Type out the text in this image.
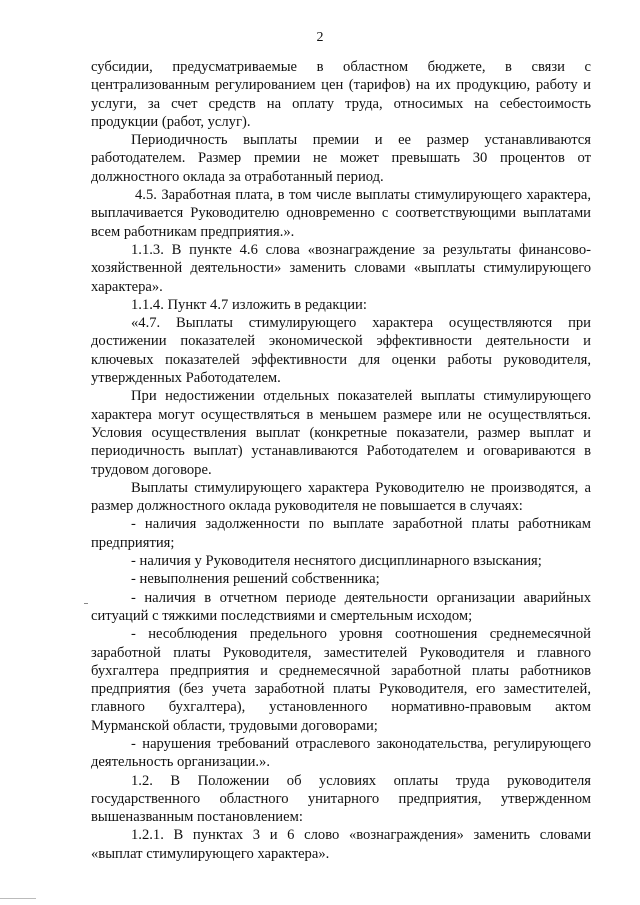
2

субсидии, предусматриваемые в областном бюджете, в связи с централизованным регулированием цен (тарифов) на их продукцию, работу и услуги, за счет средств на оплату труда, относимых на себестоимость продукции (работ, услуг).

Периодичность выплаты премии и ее размер устанавливаются работодателем. Размер премии не может превышать 30 процентов от должностного оклада за отработанный период.

4.5. Заработная плата, в том числе выплаты стимулирующего характера, выплачивается Руководителю одновременно с соответствующими выплатами всем работникам предприятия.».

1.1.3. В пункте 4.6 слова «вознаграждение за результаты финансово-хозяйственной деятельности» заменить словами «выплаты стимулирующего характера».

1.1.4. Пункт 4.7 изложить в редакции:

«4.7. Выплаты стимулирующего характера осуществляются при достижении показателей экономической эффективности деятельности и ключевых показателей эффективности для оценки работы руководителя, утвержденных Работодателем.

При недостижении отдельных показателей выплаты стимулирующего характера могут осуществляться в меньшем размере или не осуществляться. Условия осуществления выплат (конкретные показатели, размер выплат и периодичность выплат) устанавливаются Работодателем и оговариваются в трудовом договоре.

Выплаты стимулирующего характера Руководителю не производятся, а размер должностного оклада руководителя не повышается в случаях:

- наличия задолженности по выплате заработной платы работникам предприятия;

- наличия у Руководителя неснятого дисциплинарного взыскания;

- невыполнения решений собственника;

- наличия в отчетном периоде деятельности организации аварийных ситуаций с тяжкими последствиями и смертельным исходом;

- несоблюдения предельного уровня соотношения среднемесячной заработной платы Руководителя, заместителей Руководителя и главного бухгалтера предприятия и среднемесячной заработной платы работников предприятия (без учета заработной платы Руководителя, его заместителей, главного бухгалтера), установленного нормативно-правовым актом Мурманской области, трудовыми договорами;

- нарушения требований отраслевого законодательства, регулирующего деятельность организации.».

1.2. В Положении об условиях оплаты труда руководителя государственного областного унитарного предприятия, утвержденном вышеназванным постановлением:

1.2.1. В пунктах 3 и 6 слово «вознаграждения» заменить словами «выплат стимулирующего характера».
